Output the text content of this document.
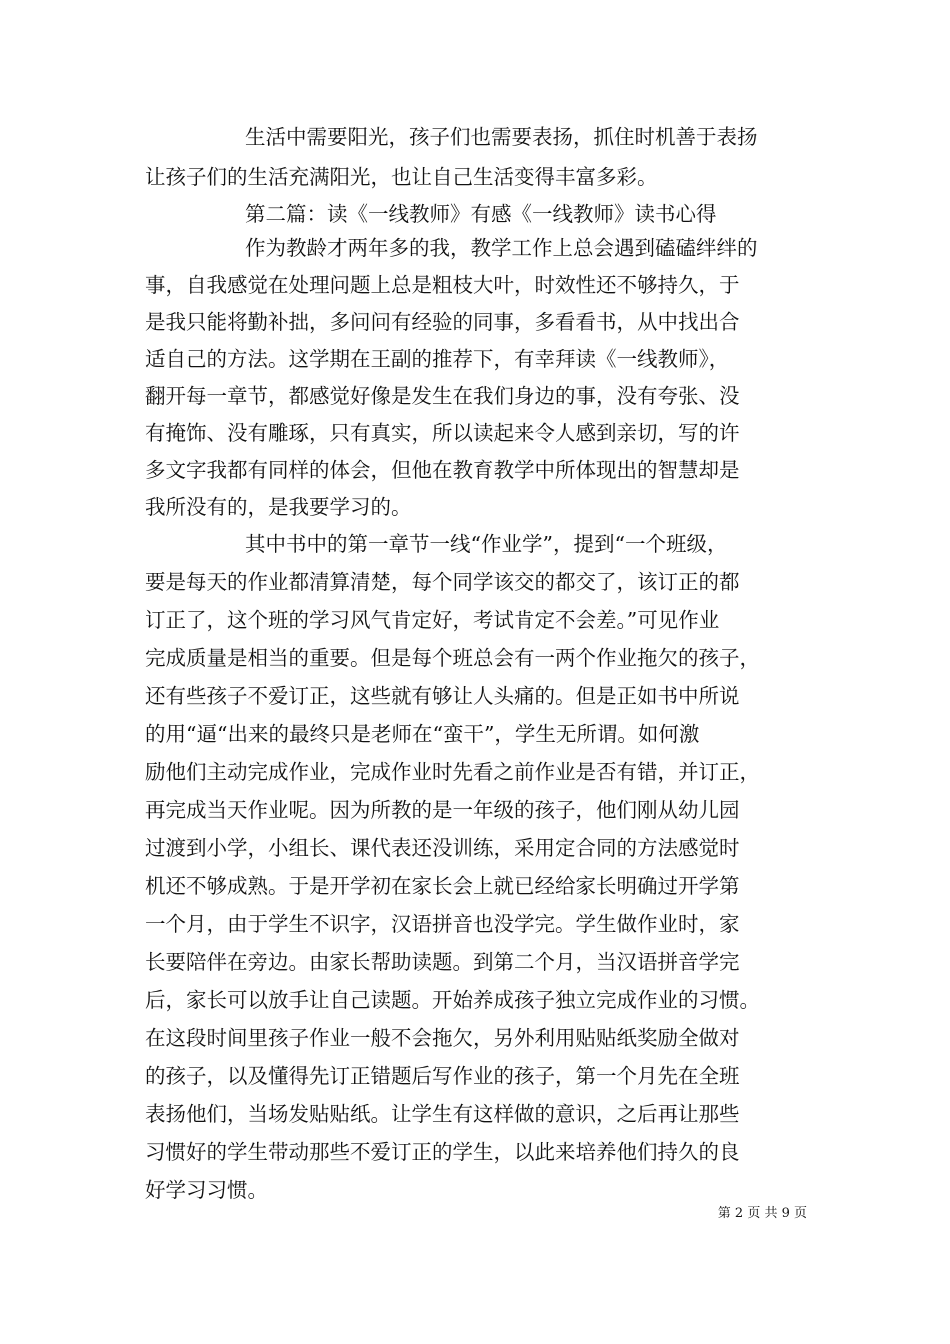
生活中需要阳光，孩子们也需要表扬，抓住时机善于表扬
让孩子们的生活充满阳光，也让自己生活变得丰富多彩。
第二篇：读《一线教师》有感《一线教师》读书心得
作为教龄才两年多的我，教学工作上总会遇到磕磕绊绊的
事，自我感觉在处理问题上总是粗枝大叶，时效性还不够持久，于
是我只能将勤补拙，多问问有经验的同事，多看看书，从中找出合
适自己的方法。这学期在王副的推荐下，有幸拜读《一线教师》，
翻开每一章节，都感觉好像是发生在我们身边的事，没有夸张、没
有掩饰、没有雕琢，只有真实，所以读起来令人感到亲切，写的许
多文字我都有同样的体会，但他在教育教学中所体现出的智慧却是
我所没有的，是我要学习的。
其中书中的第一章节一线“作业学”，提到“一个班级，
要是每天的作业都清算清楚，每个同学该交的都交了，该订正的都
订正了，这个班的学习风气肯定好，考试肯定不会差。”可见作业
完成质量是相当的重要。但是每个班总会有一两个作业拖欠的孩子，
还有些孩子不爱订正，这些就有够让人头痛的。但是正如书中所说
的用“逼“出来的最终只是老师在“蛮干”，学生无所谓。如何激
励他们主动完成作业，完成作业时先看之前作业是否有错，并订正，
再完成当天作业呢。因为所教的是一年级的孩子，他们刚从幼儿园
过渡到小学，小组长、课代表还没训练，采用定合同的方法感觉时
机还不够成熟。于是开学初在家长会上就已经给家长明确过开学第
一个月，由于学生不识字，汉语拼音也没学完。学生做作业时，家
长要陪伴在旁边。由家长帮助读题。到第二个月，当汉语拼音学完
后，家长可以放手让自己读题。开始养成孩子独立完成作业的习惯。
在这段时间里孩子作业一般不会拖欠，另外利用贴贴纸奖励全做对
的孩子，以及懂得先订正错题后写作业的孩子，第一个月先在全班
表扬他们，当场发贴贴纸。让学生有这样做的意识，之后再让那些
习惯好的学生带动那些不爱订正的学生，以此来培养他们持久的良
好学习习惯。
第 2 页 共 9 页
